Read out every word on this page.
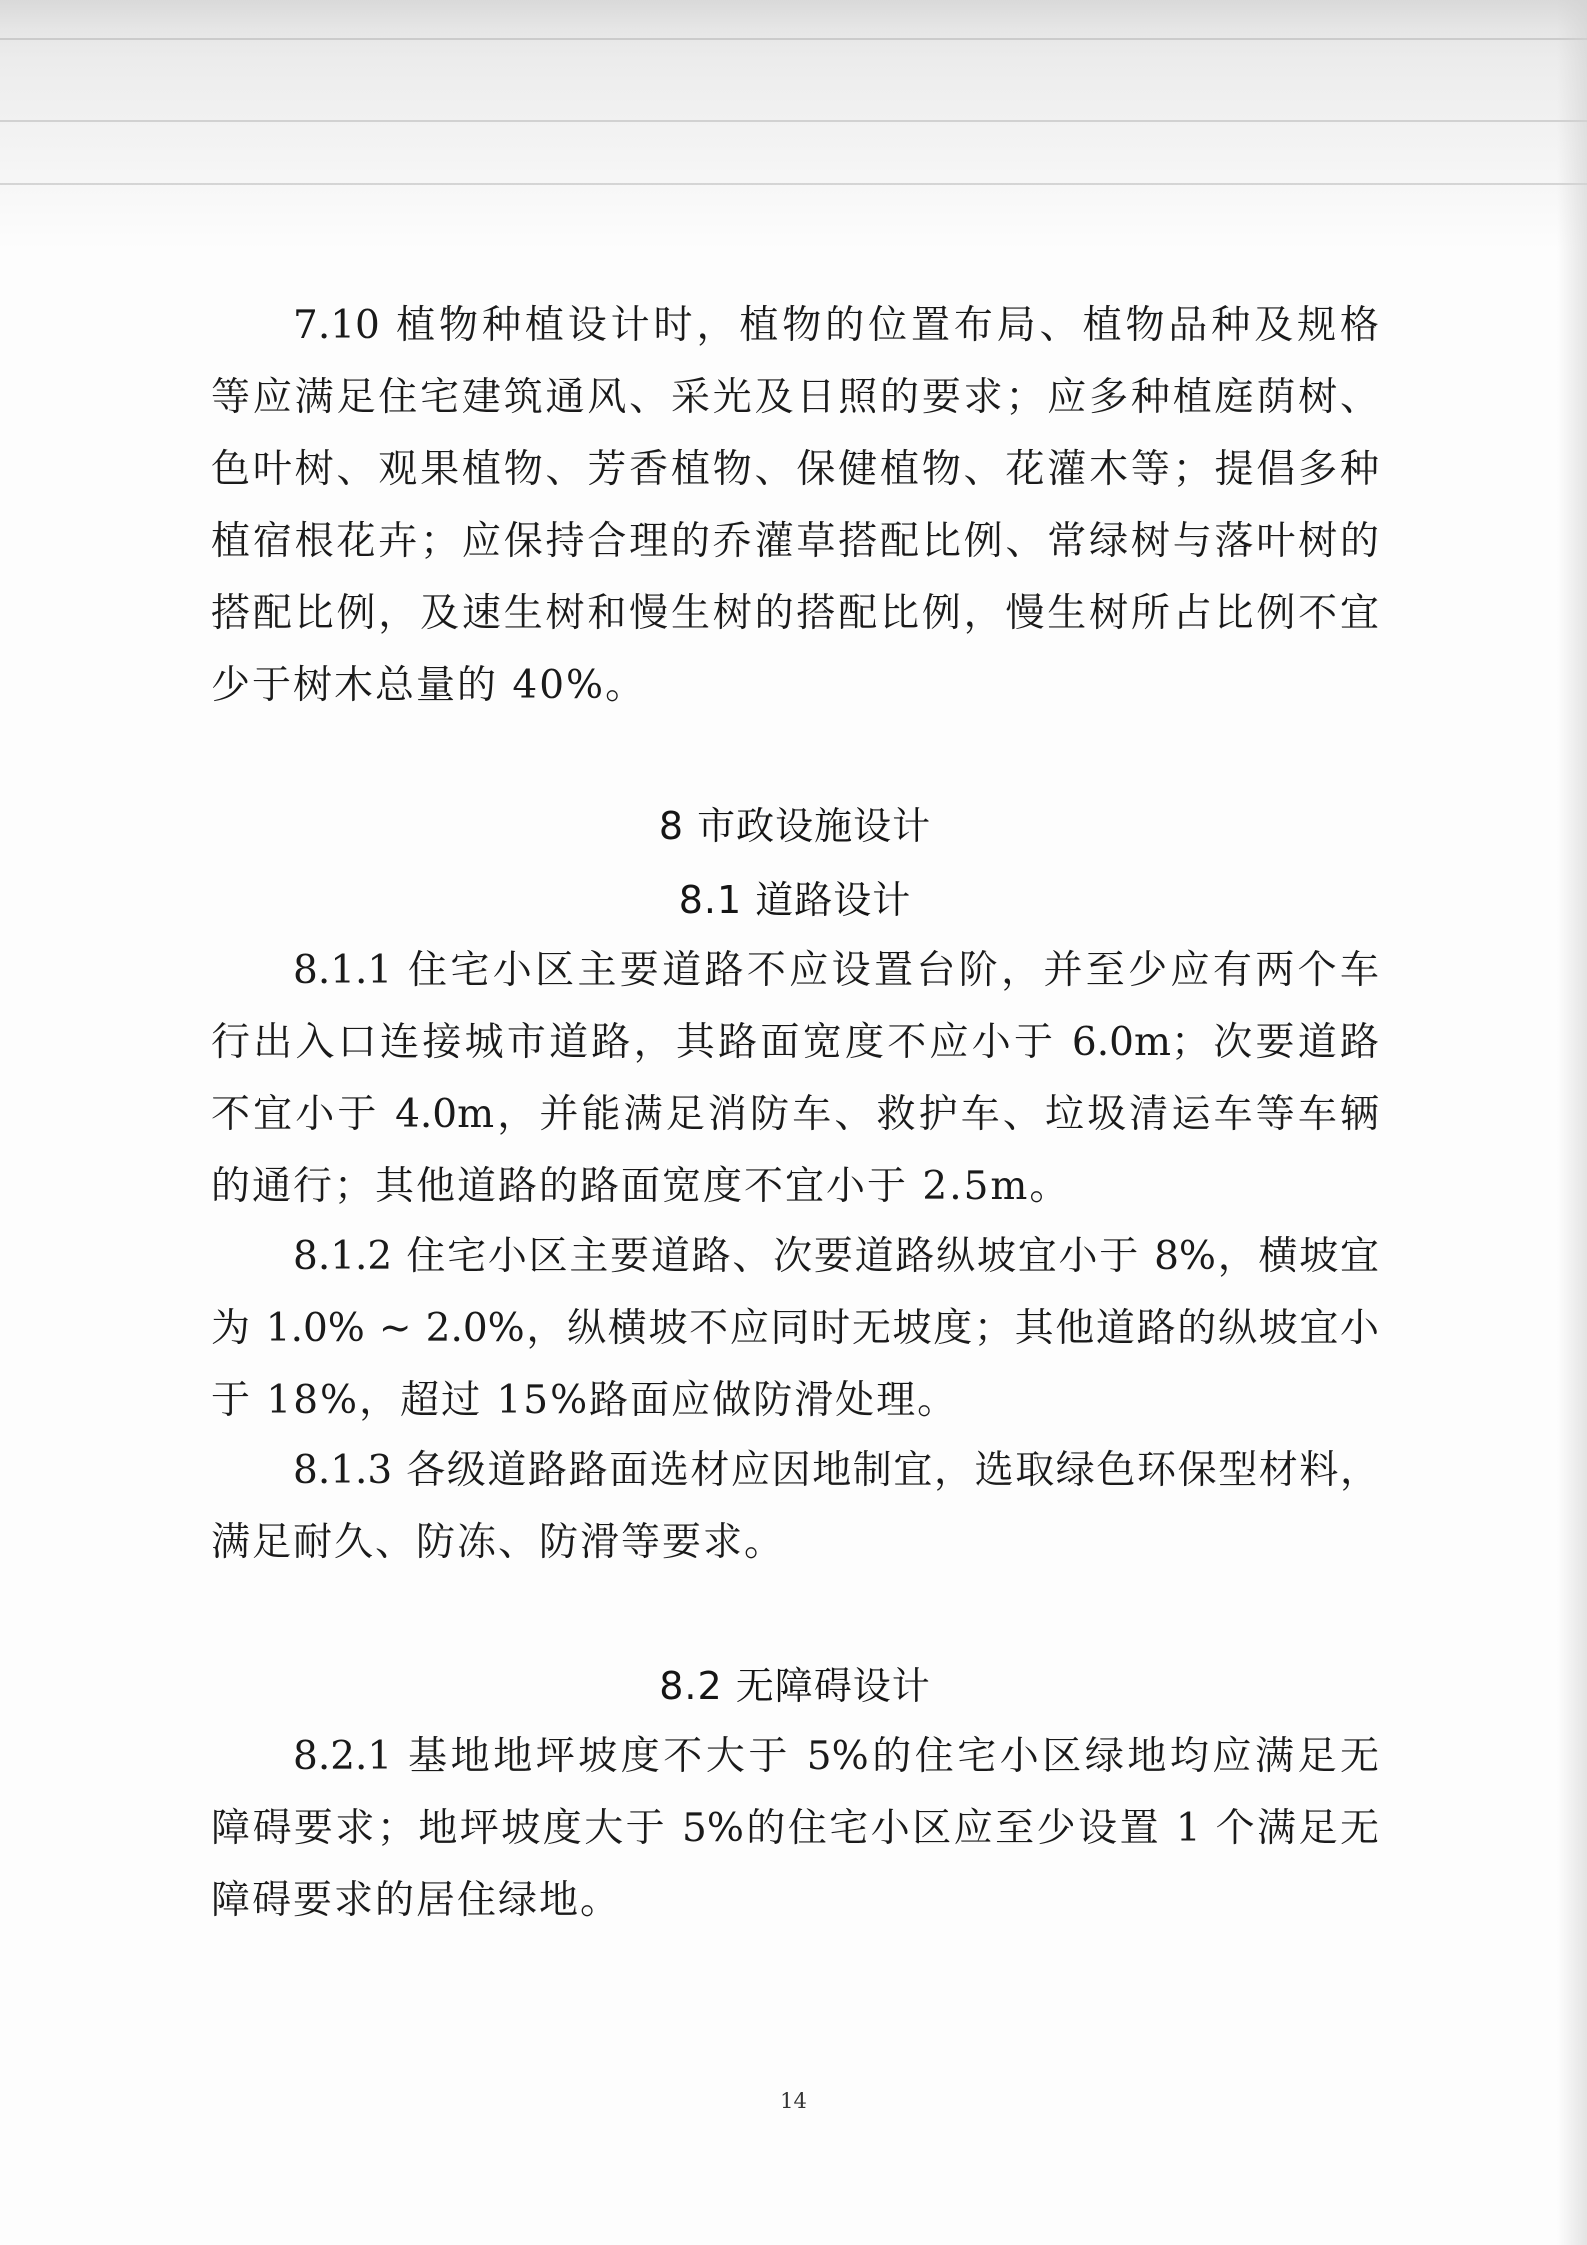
7.10 植物种植设计时，植物的位置布局、植物品种及规格
等应满足住宅建筑通风、采光及日照的要求；应多种植庭荫树、
色叶树、观果植物、芳香植物、保健植物、花灌木等；提倡多种
植宿根花卉；应保持合理的乔灌草搭配比例、常绿树与落叶树的
搭配比例，及速生树和慢生树的搭配比例，慢生树所占比例不宜
少于树木总量的 40%。
8 市政设施设计
8.1 道路设计
8.1.1 住宅小区主要道路不应设置台阶，并至少应有两个车
行出入口连接城市道路，其路面宽度不应小于 6.0m；次要道路
不宜小于 4.0m，并能满足消防车、救护车、垃圾清运车等车辆
的通行；其他道路的路面宽度不宜小于 2.5m。
8.1.2 住宅小区主要道路、次要道路纵坡宜小于 8%，横坡宜
为 1.0% ~ 2.0%，纵横坡不应同时无坡度；其他道路的纵坡宜小
于 18%，超过 15%路面应做防滑处理。
8.1.3 各级道路路面选材应因地制宜，选取绿色环保型材料，
满足耐久、防冻、防滑等要求。
8.2 无障碍设计
8.2.1 基地地坪坡度不大于 5%的住宅小区绿地均应满足无
障碍要求；地坪坡度大于 5%的住宅小区应至少设置 1 个满足无
障碍要求的居住绿地。
14
